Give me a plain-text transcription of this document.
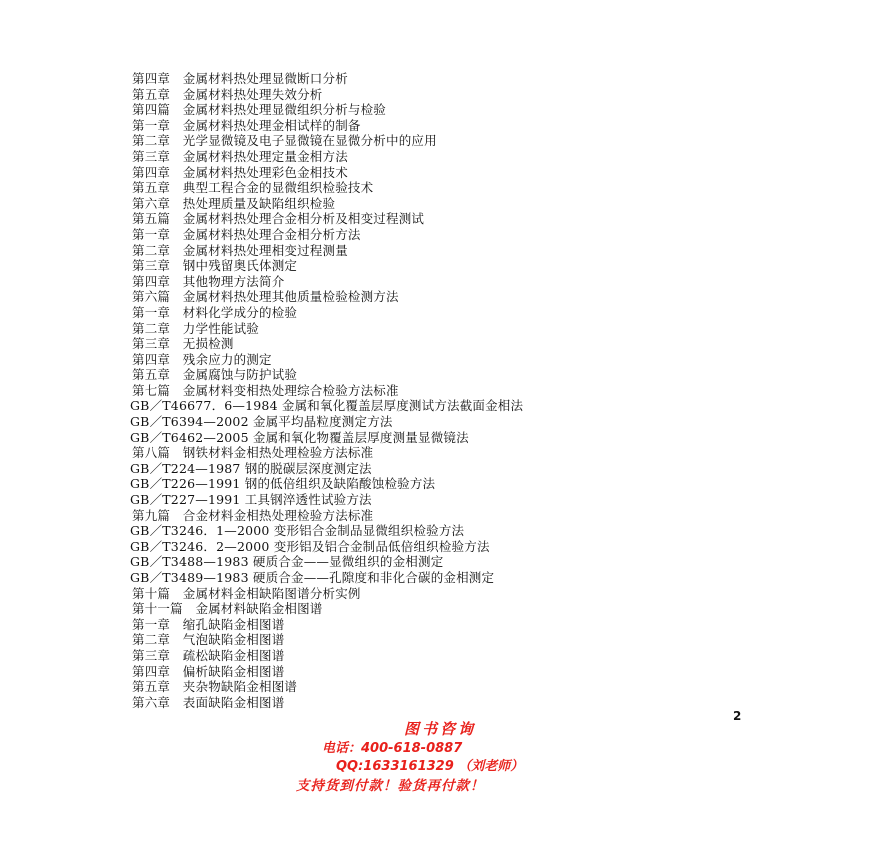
第四章　金属材料热处理显微断口分析
第五章　金属材料热处理失效分析
第四篇　金属材料热处理显微组织分析与检验
第一章　金属材料热处理金相试样的制备
第二章　光学显微镜及电子显微镜在显微分析中的应用
第三章　金属材料热处理定量金相方法
第四章　金属材料热处理彩色金相技术
第五章　典型工程合金的显微组织检验技术
第六章　热处理质量及缺陷组织检验
第五篇　金属材料热处理合金相分析及相变过程测试
第一章　金属材料热处理合金相分析方法
第二章　金属材料热处理相变过程测量
第三章　钢中残留奥氏体测定
第四章　其他物理方法简介
第六篇　金属材料热处理其他质量检验检测方法
第一章　材料化学成分的检验
第二章　力学性能试验
第三章　无损检测
第四章　残余应力的测定
第五章　金属腐蚀与防护试验
第七篇　金属材料变相热处理综合检验方法标准
GB／T46677．6—1984 金属和氧化覆盖层厚度测试方法截面金相法
GB／T6394—2002 金属平均晶粒度测定方法
GB／T6462—2005 金属和氧化物覆盖层厚度测量显微镜法
第八篇　钢铁材料金相热处理检验方法标准
GB／T224—1987 钢的脱碳层深度测定法
GB／T226—1991 钢的低倍组织及缺陷酸蚀检验方法
GB／T227—1991 工具钢淬透性试验方法
第九篇　合金材料金相热处理检验方法标准
GB／T3246．1—2000 变形铝合金制品显微组织检验方法
GB／T3246．2—2000 变形铝及铝合金制品低倍组织检验方法
GB／T3488—1983 硬质合金——显微组织的金相测定
GB／T3489—1983 硬质合金——孔隙度和非化合碳的金相测定
第十篇　金属材料金相缺陷图谱分析实例
第十一篇　金属材料缺陷金相图谱
第一章　缩孔缺陷金相图谱
第二章　气泡缺陷金相图谱
第三章　疏松缺陷金相图谱
第四章　偏析缺陷金相图谱
第五章　夹杂物缺陷金相图谱
第六章　表面缺陷金相图谱
2
图书咨询
电话：400-618-0887
QQ:1633161329 （刘老师）
支持货到付款！验货再付款！
